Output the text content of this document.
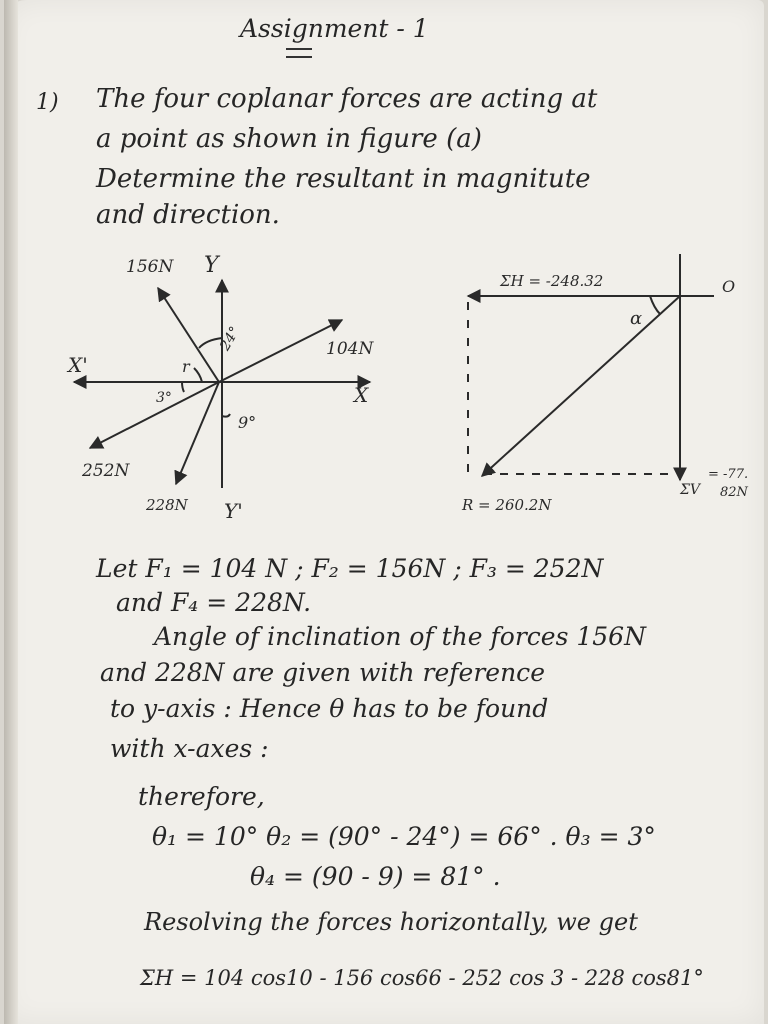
Assignment - 1
1) The four coplanar forces are acting at
a point as shown in figure (a)
Determine the resultant in magnitute
and direction.
156N Y
104N
X'
X
24°
r
3°
9°
252N
228N Y'
ΣH = -248.32	O
α
ΣV
= -77.
82N
R = 260.2N
Let F₁ = 104 N ; F₂ = 156N ; F₃ = 252N
and F₄ = 228N.
Angle of inclination of the forces 156N
and 228N are given with reference
to y-axis : Hence θ has to be found
with x-axes :
therefore,
θ₁ = 10° θ₂ = (90° - 24°) = 66° . θ₃ = 3°
θ₄ = (90 - 9) = 81° .
Resolving the forces horizontally, we get
ΣH = 104 cos10 - 156 cos66 - 252 cos 3 - 228 cos81°
